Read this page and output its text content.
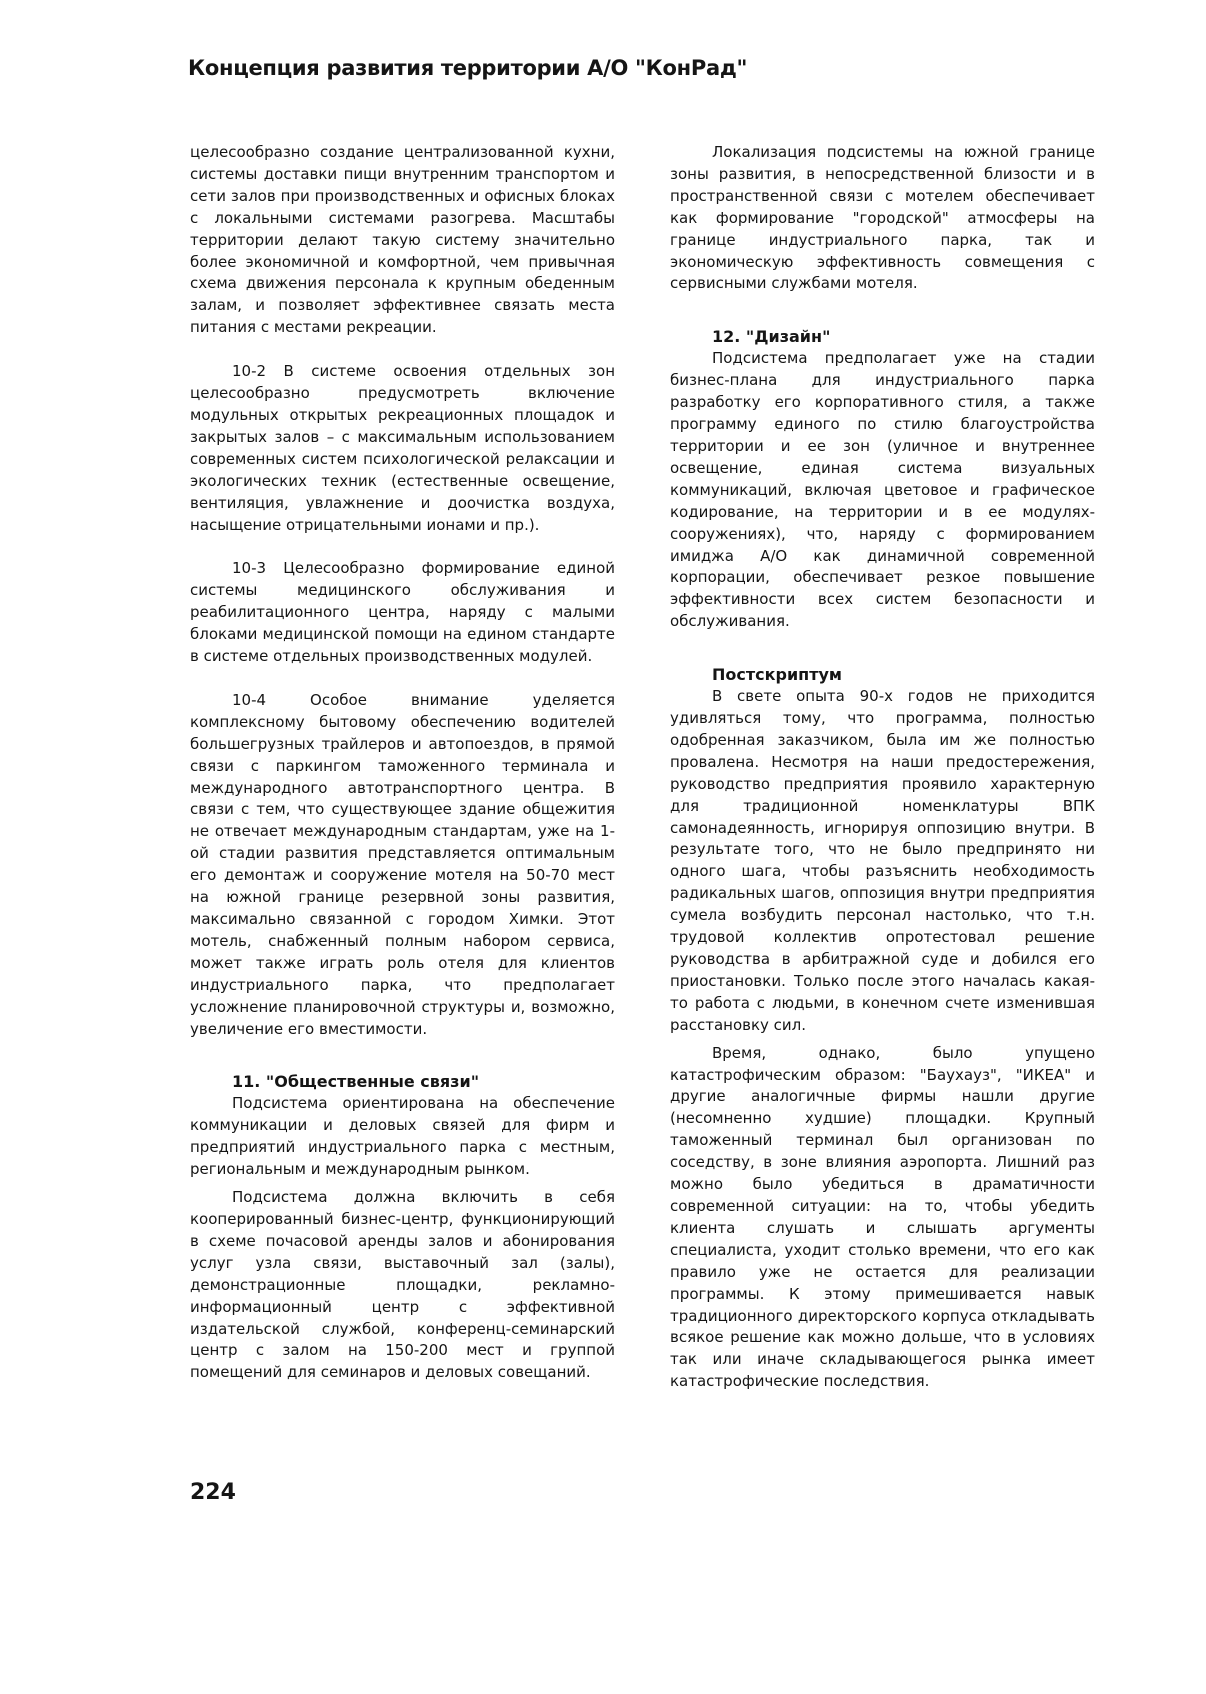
Концепция развития территории А/О "КонРад"

целесообразно создание централизованной кухни, системы доставки пищи внутренним транспортом и сети залов при производственных и офисных блоках с локальными системами разогрева. Масштабы территории делают такую систему значительно более экономичной и комфортной, чем привычная схема движения персонала к крупным обеденным залам, и позволяет эффективнее связать места питания с местами рекреации.

10-2 В системе освоения отдельных зон целесообразно предусмотреть включение модульных открытых рекреационных площадок и закрытых залов – с максимальным использованием современных систем психологической релаксации и экологических техник (естественные освещение, вентиляция, увлажнение и доочистка воздуха, насыщение отрицательными ионами и пр.).

10-3 Целесообразно формирование единой системы медицинского обслуживания и реабилитационного центра, наряду с малыми блоками медицинской помощи на едином стандарте в системе отдельных производственных модулей.

10-4 Особое внимание уделяется комплексному бытовому обеспечению водителей большегрузных трайлеров и автопоездов, в прямой связи с паркингом таможенного терминала и международного автотранспортного центра. В связи с тем, что существующее здание общежития не отвечает международным стандартам, уже на 1-ой стадии развития представляется оптимальным его демонтаж и сооружение мотеля на 50-70 мест на южной границе резервной зоны развития, максимально связанной с городом Химки. Этот мотель, снабженный полным набором сервиса, может также играть роль отеля для клиентов индустриального парка, что предполагает усложнение планировочной структуры и, возможно, увеличение его вместимости.

11. "Общественные связи"

Подсистема ориентирована на обеспечение коммуникации и деловых связей для фирм и предприятий индустриального парка с местным, региональным и международным рынком.

Подсистема должна включить в себя кооперированный бизнес-центр, функционирующий в схеме почасовой аренды залов и абонирования услуг узла связи, выставочный зал (залы), демонстрационные площадки, рекламно-информационный центр с эффективной издательской службой, конференц-семинарский центр с залом на 150-200 мест и группой помещений для семинаров и деловых совещаний.

Локализация подсистемы на южной границе зоны развития, в непосредственной близости и в пространственной связи с мотелем обеспечивает как формирование "городской" атмосферы на границе индустриального парка, так и экономическую эффективность совмещения с сервисными службами мотеля.

12. "Дизайн"

Подсистема предполагает уже на стадии бизнес-плана для индустриального парка разработку его корпоративного стиля, а также программу единого по стилю благоустройства территории и ее зон (уличное и внутреннее освещение, единая система визуальных коммуникаций, включая цветовое и графическое кодирование, на территории и в ее модулях-сооружениях), что, наряду с формированием имиджа А/О как динамичной современной корпорации, обеспечивает резкое повышение эффективности всех систем безопасности и обслуживания.

Постскриптум

В свете опыта 90-х годов не приходится удивляться тому, что программа, полностью одобренная заказчиком, была им же полностью провалена. Несмотря на наши предостережения, руководство предприятия проявило характерную для традиционной номенклатуры ВПК самонадеянность, игнорируя оппозицию внутри. В результате того, что не было предпринято ни одного шага, чтобы разъяснить необходимость радикальных шагов, оппозиция внутри предприятия сумела возбудить персонал настолько, что т.н. трудовой коллектив опротестовал решение руководства в арбитражной суде и добился его приостановки. Только после этого началась какая-то работа с людьми, в конечном счете изменившая расстановку сил.

Время, однако, было упущено катастрофическим образом: "Баухауз", "ИКЕА" и другие аналогичные фирмы нашли другие (несомненно худшие) площадки. Крупный таможенный терминал был организован по соседству, в зоне влияния аэропорта. Лишний раз можно было убедиться в драматичности современной ситуации: на то, чтобы убедить клиента слушать и слышать аргументы специалиста, уходит столько времени, что его как правило уже не остается для реализации программы. К этому примешивается навык традиционного директорского корпуса откладывать всякое решение как можно дольше, что в условиях так или иначе складывающегося рынка имеет катастрофические последствия.

224
